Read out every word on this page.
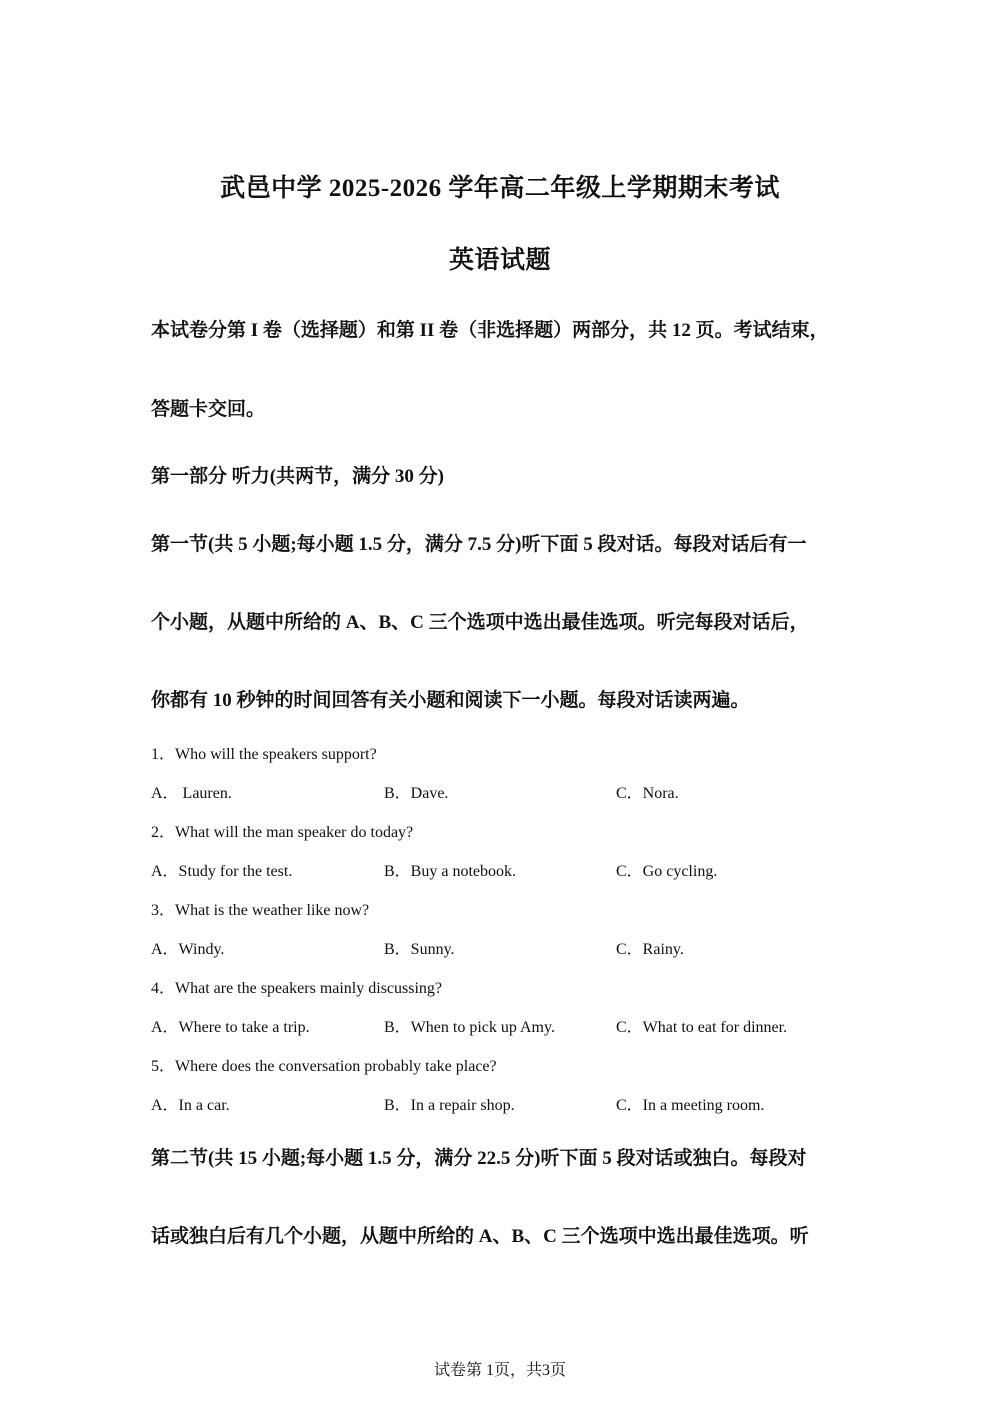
武邑中学 2025-2026 学年高二年级上学期期末考试
英语试题
本试卷分第 I 卷（选择题）和第 II 卷（非选择题）两部分，共 12 页。考试结束，
答题卡交回。
第一部分 听力(共两节，满分 30 分)
第一节(共 5 小题;每小题 1.5 分，满分 7.5 分)听下面 5 段对话。每段对话后有一
个小题，从题中所给的 A、B、C 三个选项中选出最佳选项。听完每段对话后，
你都有 10 秒钟的时间回答有关小题和阅读下一小题。每段对话读两遍。
1．Who will the speakers support?
A． Lauren.	B．Dave.	C．Nora.
2．What will the man speaker do today?
A．Study for the test.	B．Buy a notebook.	C．Go cycling.
3．What is the weather like now?
A．Windy.	B．Sunny.	C．Rainy.
4．What are the speakers mainly discussing?
A．Where to take a trip.	B．When to pick up Amy.	C．What to eat for dinner.
5．Where does the conversation probably take place?
A．In a car.	B．In a repair shop.	C．In a meeting room.
第二节(共 15 小题;每小题 1.5 分，满分 22.5 分)听下面 5 段对话或独白。每段对
话或独白后有几个小题，从题中所给的 A、B、C 三个选项中选出最佳选项。听
试卷第 1页，共3页
